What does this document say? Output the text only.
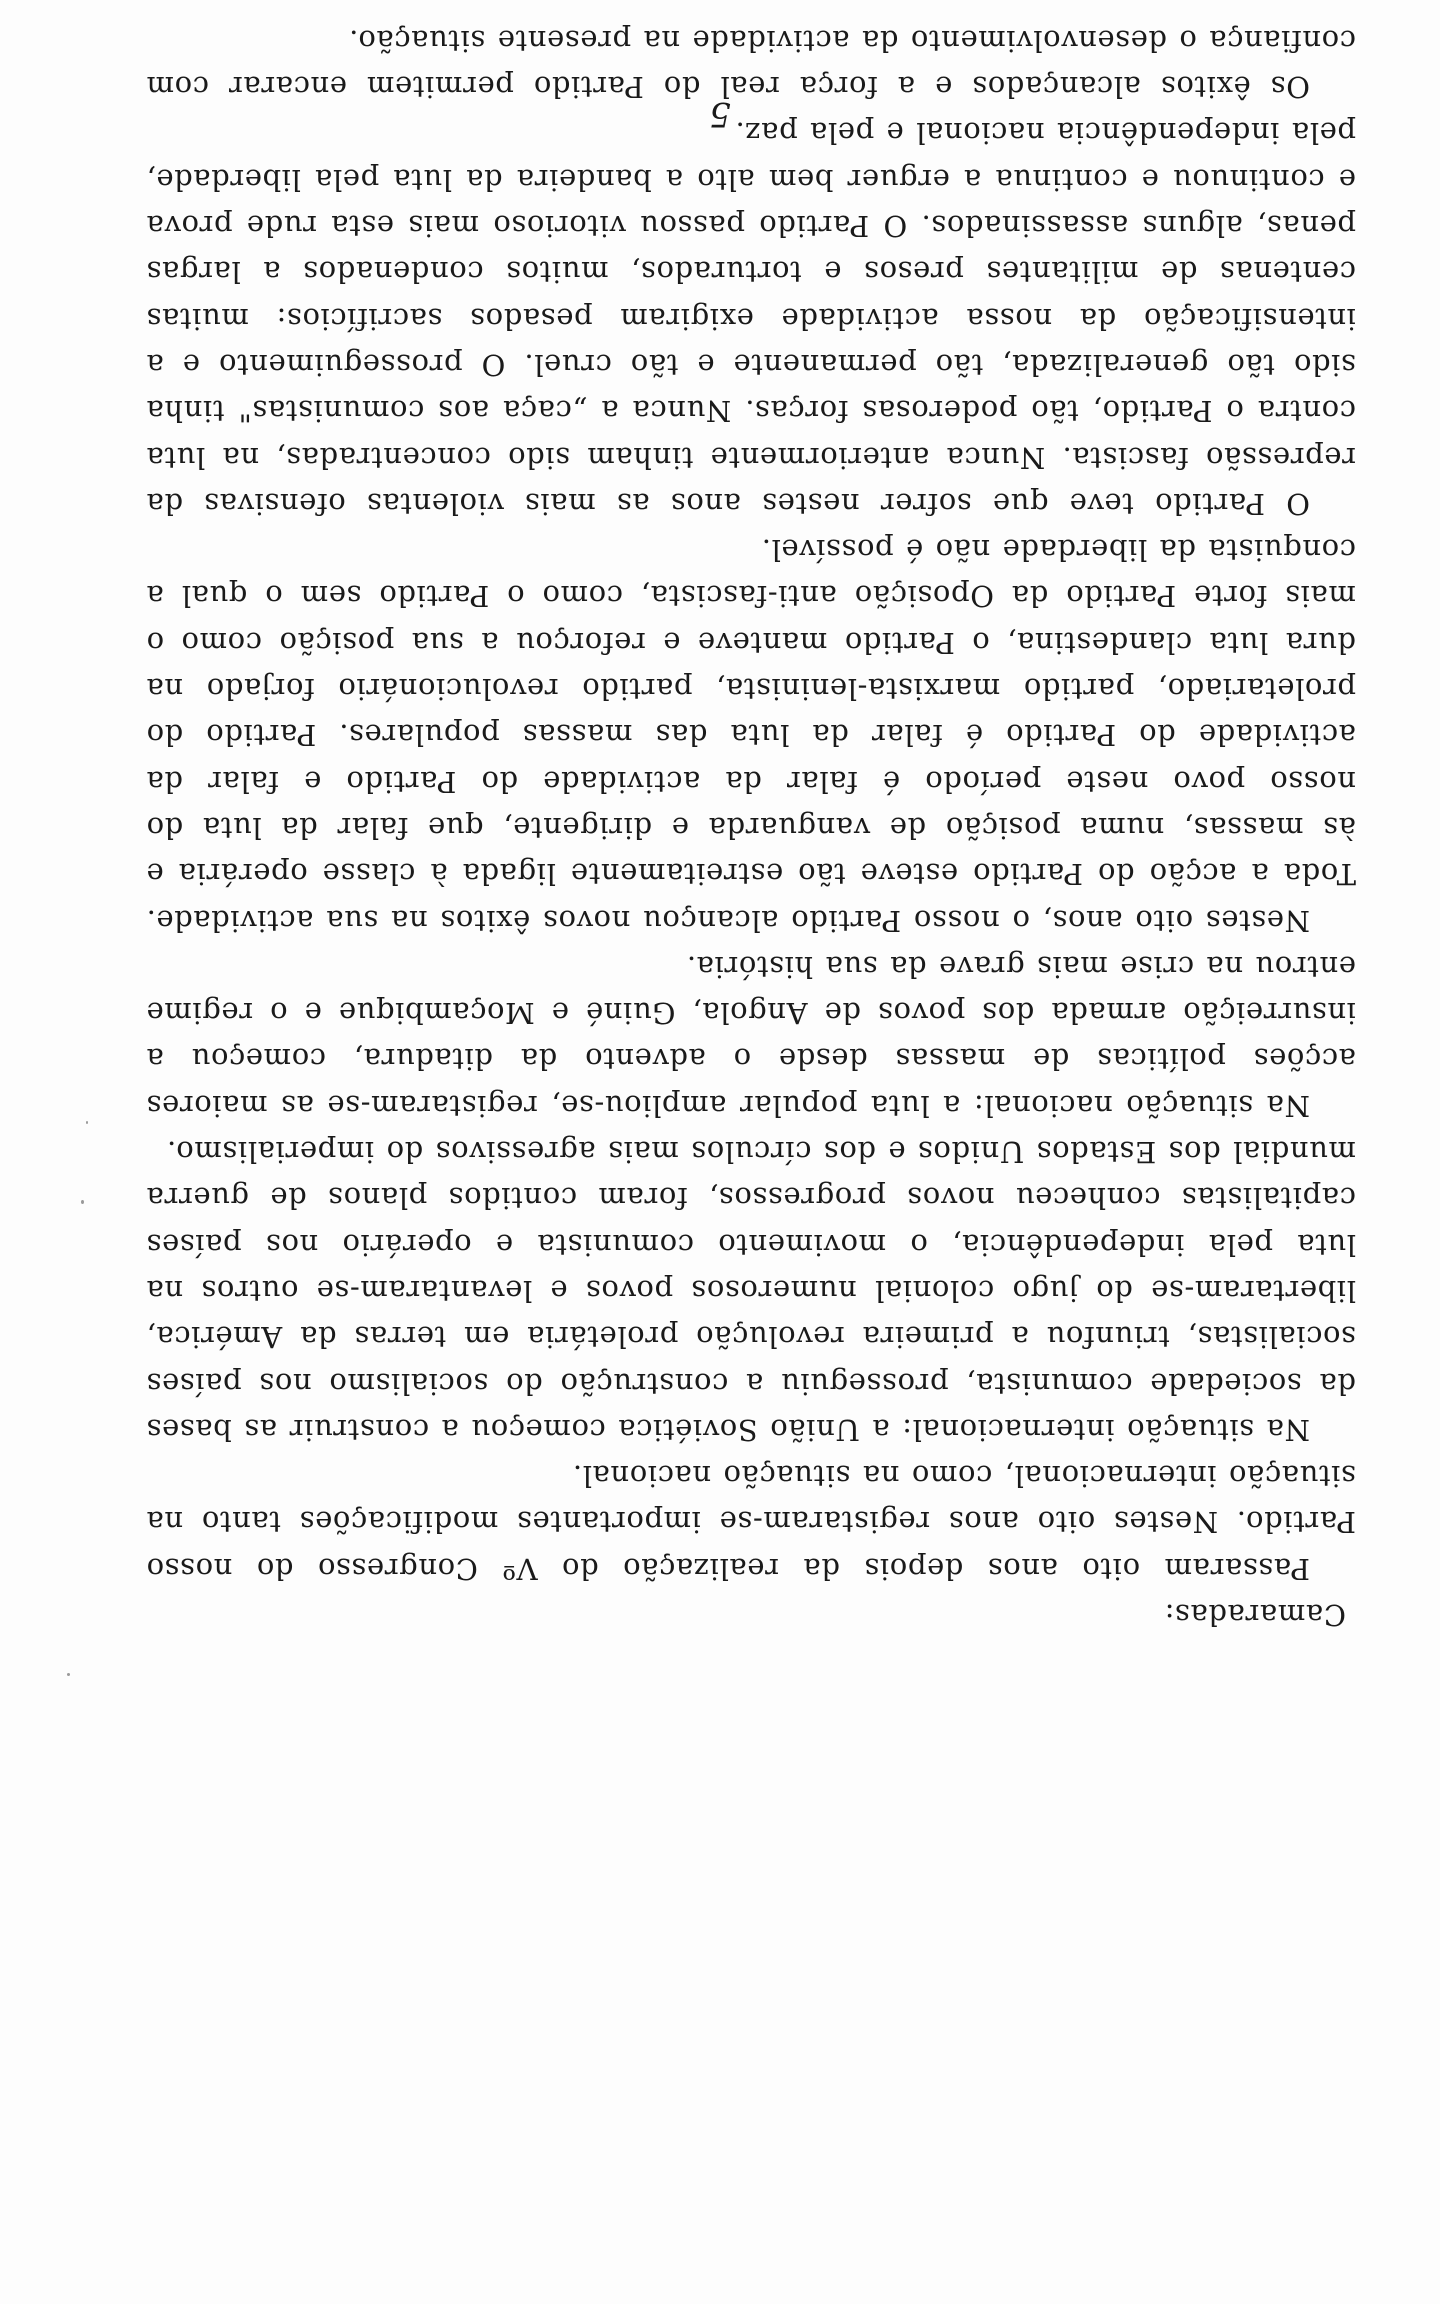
Camaradas:

Passaram oito anos depois da realização do Vº Congresso do nosso Partido. Nestes oito anos registaram-se importantes modificações tanto na situação internacional, como na situação nacional.

Na situação internacional: a União Soviética começou a construir as bases da sociedade comunista, prosseguiu a construção do socialismo nos países socialistas, triunfou a primeira revolução proletária em terras da América, libertaram-se do jugo colonial numerosos povos e levantaram-se outros na luta pela independência, o movimento comunista e operário nos países capitalistas conheceu novos progressos, foram contidos planos de guerra mundial dos Estados Unidos e dos círculos mais agressivos do imperialismo.

Na situação nacional: a luta popular ampliou-se, registaram-se as maiores acções políticas de massas desde o advento da ditadura, começou a insurreição armada dos povos de Angola, Guiné e Moçambique e o regime entrou na crise mais grave da sua história.

Nestes oito anos, o nosso Partido alcançou novos êxitos na sua actividade. Toda a acção do Partido esteve tão estreitamente ligada à classe operária e às massas, numa posição de vanguarda e dirigente, que falar da luta do nosso povo neste período é falar da actividade do Partido e falar da actividade do Partido é falar da luta das massas populares. Partido do proletariado, partido marxista-leninista, partido revolucionário forjado na dura luta clandestina, o Partido manteve e reforçou a sua posição como o mais forte Partido da Oposição anti-fascista, como o Partido sem o qual a conquista da liberdade não é possível.

O Partido teve que sofrer nestes anos as mais violentas ofensivas da repressão fascista. Nunca anteriormente tinham sido concentradas, na luta contra o Partido, tão poderosas forças. Nunca a „caça aos comunistas" tinha sido tão generalizada, tão permanente e tão cruel. O prosseguimento e a intensificação da nossa actividade exigiram pesados sacrifícios: muitas centenas de militantes presos e torturados, muitos condenados a largas penas, alguns assassinados. O Partido passou vitorioso mais esta rude prova e continuou e continua a erguer bem alto a bandeira da luta pela liberdade, pela independência nacional e pela paz.

Os êxitos alcançados e a força real do Partido permitem encarar com confiança o desenvolvimento da actividade na presente situação.

5
